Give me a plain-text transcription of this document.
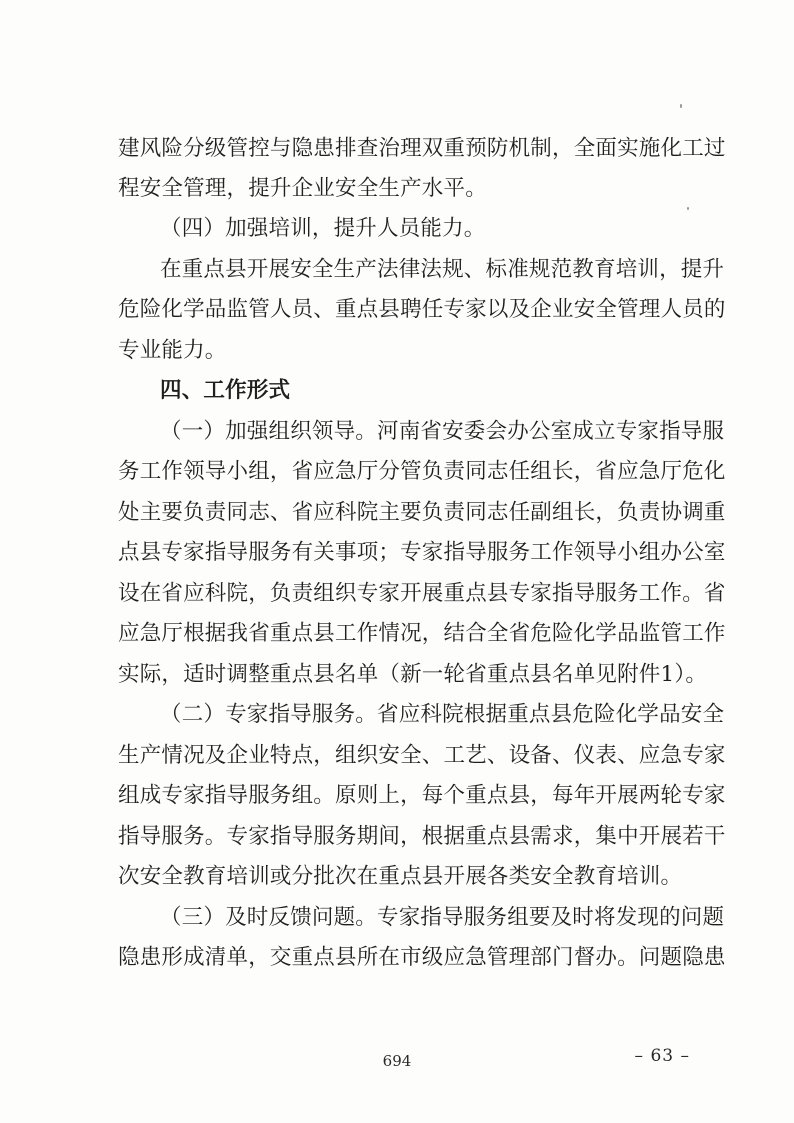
建风险分级管控与隐患排查治理双重预防机制，全面实施化工过
程安全管理，提升企业安全生产水平。
（四）加强培训，提升人员能力。
在重点县开展安全生产法律法规、标准规范教育培训，提升
危险化学品监管人员、重点县聘任专家以及企业安全管理人员的
专业能力。
四、工作形式
（一）加强组织领导。河南省安委会办公室成立专家指导服
务工作领导小组，省应急厅分管负责同志任组长，省应急厅危化
处主要负责同志、省应科院主要负责同志任副组长，负责协调重
点县专家指导服务有关事项；专家指导服务工作领导小组办公室
设在省应科院，负责组织专家开展重点县专家指导服务工作。省
应急厅根据我省重点县工作情况，结合全省危险化学品监管工作
实际，适时调整重点县名单（新一轮省重点县名单见附件1）。
（二）专家指导服务。省应科院根据重点县危险化学品安全
生产情况及企业特点，组织安全、工艺、设备、仪表、应急专家
组成专家指导服务组。原则上，每个重点县，每年开展两轮专家
指导服务。专家指导服务期间，根据重点县需求，集中开展若干
次安全教育培训或分批次在重点县开展各类安全教育培训。
（三）及时反馈问题。专家指导服务组要及时将发现的问题
隐患形成清单，交重点县所在市级应急管理部门督办。问题隐患
694	– 63 –
